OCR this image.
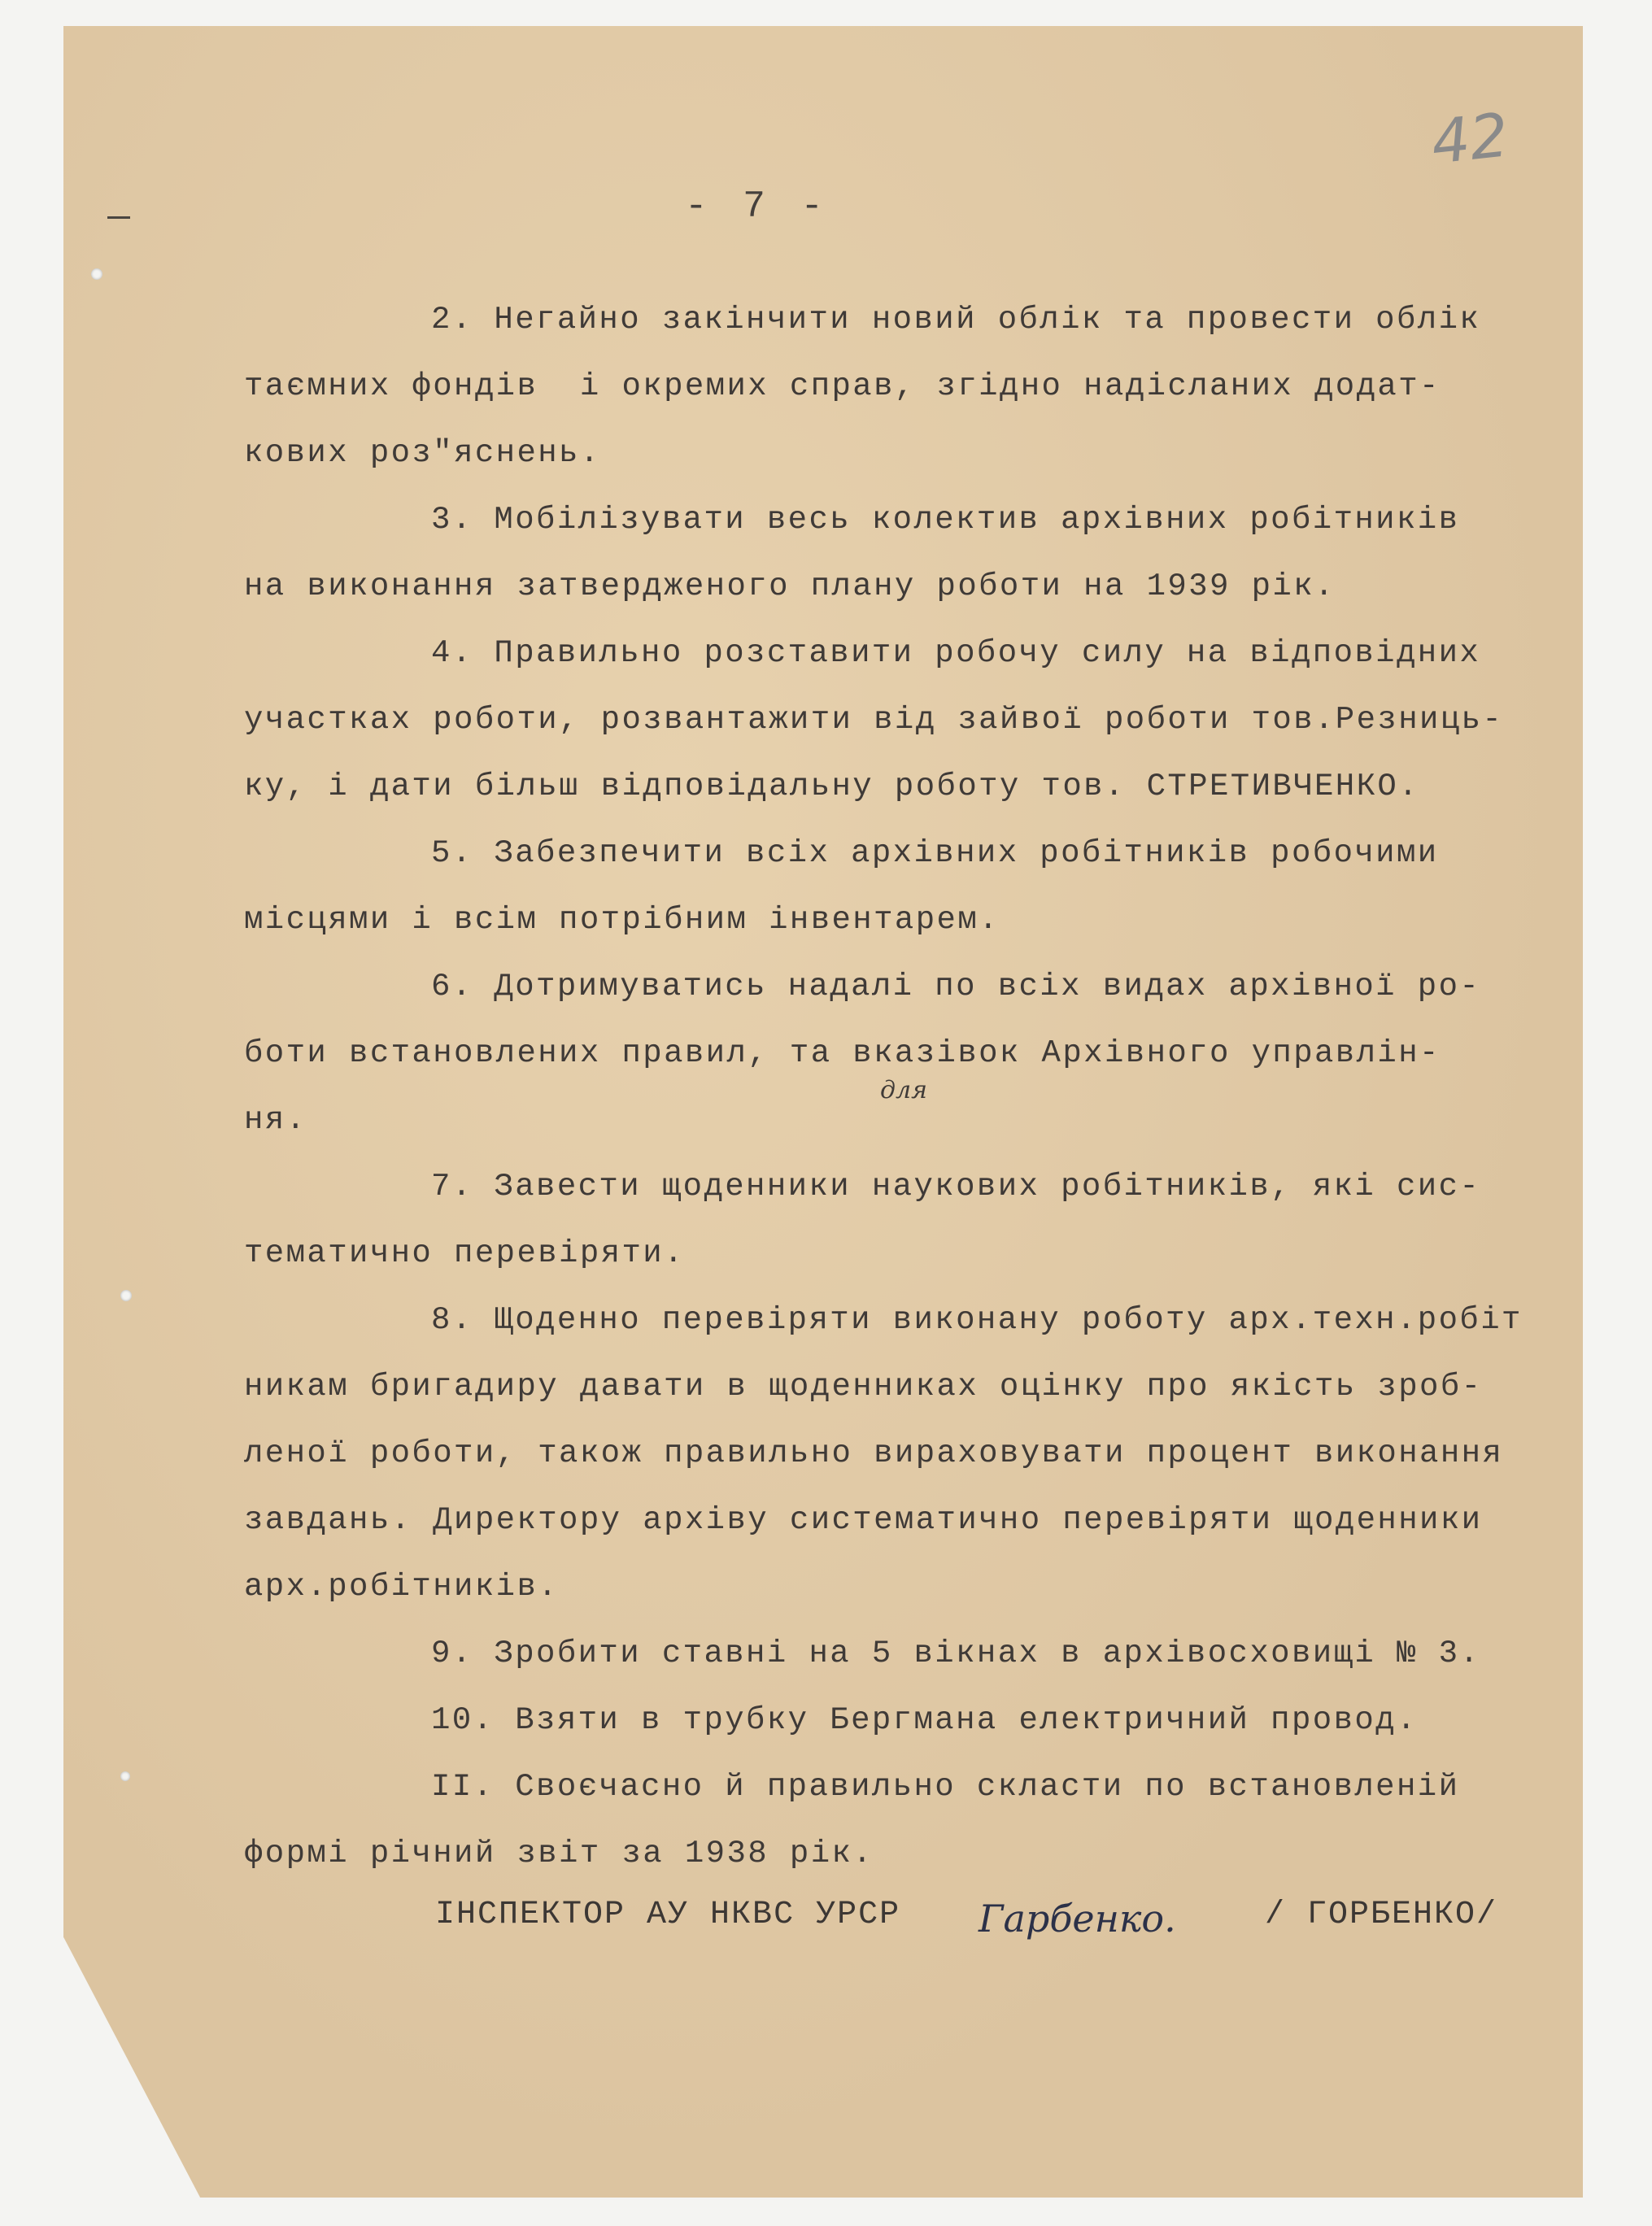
42
- 7 -
для
2. Негайно закінчити новий облік та провести облік
таємних фондів  і окремих справ, згідно надісланих додат-
кових роз"яснень.
3. Мобілізувати весь колектив архівних робітників
на виконання затвердженого плану роботи на 1939 рік.
4. Правильно розставити робочу силу на відповідних
участках роботи, розвантажити від зайвої роботи тов.Резниць-
ку, і дати більш відповідальну роботу тов. СТРЕТИВЧЕНКО.
5. Забезпечити всіх архівних робітників робочими
місцями і всім потрібним інвентарем.
6. Дотримуватись надалі по всіх видах архівної ро-
боти встановлених правил, та вказівок Архівного управлін-
ня.
7. Завести щоденники наукових робітників, які сис-
тематично перевіряти.
8. Щоденно перевіряти виконану роботу арх.техн.робіт
никам бригадиру давати в щоденниках оцінку про якість зроб-
леної роботи, також правильно вираховувати процент виконання
завдань. Директору архіву систематично перевіряти щоденники
арх.робітників.
9. Зробити ставні на 5 вікнах в архівосховищі № 3.
10. Взяти в трубку Бергмана електричний провод.
II. Своєчасно й правильно скласти по встановленій
формі річний звіт за 1938 рік.
ІНСПЕКТОР АУ НКВС УРСР Гарбенко.	/ ГОРБЕНКО/
